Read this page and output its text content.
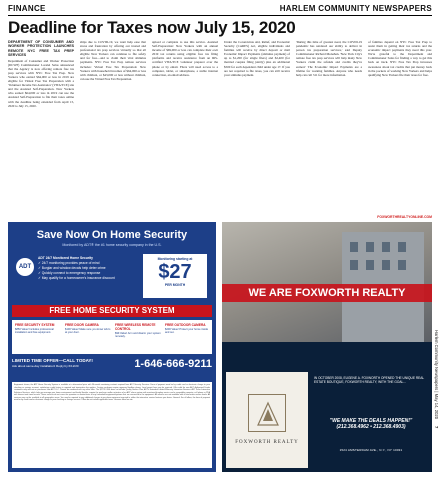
FINANCE	HARLEM COMMUNITY NEWSPAPERS
Deadline for Taxes now July 15, 2020
DEPARTMENT OF CONSUMER AND WORKER PROTECTION LAUNCHES REMOTE NYC FREE TAX PREP SERVICES

Department of Consumer and Worker Protection (DCWP) Commissioner Lorelei Salas announced that the Agency is now offering remote free tax prep services with NYC Free Tax Prep. New Yorkers who earned $64,000 or less in 2019 are eligible for Virtual Free Tax Preparation with a 'Volunteer Income Tax Assistance' (VITA/TCE) site and the Assisted Self-Preparation. New Yorkers who earned $64,000 or less in 2019 can use the Assisted Self-Preparation to file their taxes online with the deadline being extended from April 15, 2020 to July 15, 2020.

ships due to COVID-19, we want help ease that stress and frustration by offering our trusted and professional tax prep services virtually so that all eligible New Yorkers can continue to file safely and for free—and to claim their vital stimulus payments. NYC Free Tax Prep remote services includes: Virtual Free Tax Preparation: New Yorkers with household incomes of $64,000 or less with children, or $43,000 or less without children, can use the Virtual Free Tax Preparation.

upload or complete to use this service. Assisted Self-Preparation: New Yorkers with an annual income of $69,000 or less can complete their own 2019 tax returns using eligible free tax filing platforms and receive assistance from an IRS-certified VITA/TCE volunteer preparer over the phone or by email. Filers will need access to a computer, tablet, or smartphone, a stable internet connection, an email address.

Under the Coronavirus Aid, Relief, and Economic Security (CARES) Act, eligible individuals and families will receive by direct deposit or mail Economic Impact Payments (stimulus payment) of up to $1,200 (for single filers) and $2,400 (for married couples filing jointly) plus an additional $500 for each dependent child under age 17. If you are not required to file taxes, you can still receive your stimulus payment.

'During this time of greatest need, the COVID-19 pandemic has rendered our ability to deliver in person tax preparation services,' said Deputy Commissioner Richard Monahan. 'New York City's remote free tax prep services will help many New Yorkers claim the refunds and credits they've earned.' The Economic Impact Payments are a lifeline for working families. Anyone who needs help can call 311 for more information.

of families depend on NYC Free Tax Prep to assist them in getting their tax returns and the economic impact payments they need this year. We're grateful to the Department and Commissioner Salas for finding a way to get this back on track. NYC Free Tax Prep increases awareness about tax credits that put money back in the pockets of working New Yorkers and helps qualifying New Yorkers file their taxes for free.

FOXWORTHREALTYONLINE.COM
Save Now On Home Security
Monitored by ADT® the #1 home security company in the U.S.
ADT
ADT 24/7 Monitored Home Security
✓ 24/7 monitoring provides peace of mind
✓ Burglar and window decals help deter crime
✓ Quickly connect to emergency response
✓ May qualify for a homeowner's insurance discount
Monitoring starting at
$27
PER MONTH
FREE HOME SECURITY SYSTEM
FREE SECURITY SYSTEM
$850 Value! Includes professional installation and free equipment.
FREE DOOR CAMERA
$100 Value! Make sure you know who's at your door.
FREE WIRELESS REMOTE CONTROL
$99 Value! Arm and disarm your system remotely.
FREE OUTDOOR CAMERA
$200 Value! Protect your home inside and out.
LIMITED TIME OFFER—CALL TODAY!
Ask about same-day installation! Reply by 6/12/20	1-646-666-9211
Equipment shown, the ADT Home Security System is available at a discounted price with 36-month monitoring contract required from ADT Security Services. Form of payment must be by credit card or electronic charge to your checking or savings account, satisfactory credit history is required and termination fee applies. Certain packages require approved landline phone. Local permit fees may be required. Offer valid for new ADT Authorized Dealer customers only and not on purchases from ADT LLC. Cannot be combined with any other offer. The $27.99 Offer does not include Quality Service Plan, ADT's Extended Limited Warranty. Interactive Services: ADT Pulse Interactive Solutions Services, which help you manage your home environment and family lifestyle, require the purchase and/or activation of an ADT alarm system with monitored burglary service and a compatible computer, cell phone or PDA with Internet and email access. These services do not cover the operation or maintenance of any household equipment/systems that are connected to the equipment. All services are not available with all interactive service levels. All services may not be available in all geographic areas. You may be required to pay additional charges to purchase equipment required to utilize the interactive service features you desire. General: For all offers, the form of payment must be by credit card or electronic charge to your checking or savings account. Offers do not include applicable taxes. Licenses listed on site.
WE ARE FOXWORTH REALTY
FOXWORTH REALTY
IN OCTOBER 2008, EUGENE A. FOXWORTH OPENED THE UNIQUE REAL ESTATE BOUTIQUE, FOXWORTH REALTY, WITH THE GOAL...
"WE MAKE THE DEALS HAPPEN!"
(212.368.4962 • 212.368.4903)
1524 AMSTERDAM AVE., N.Y., NY 10031
Harlem Community Newspapers | May 14, 2020 7
